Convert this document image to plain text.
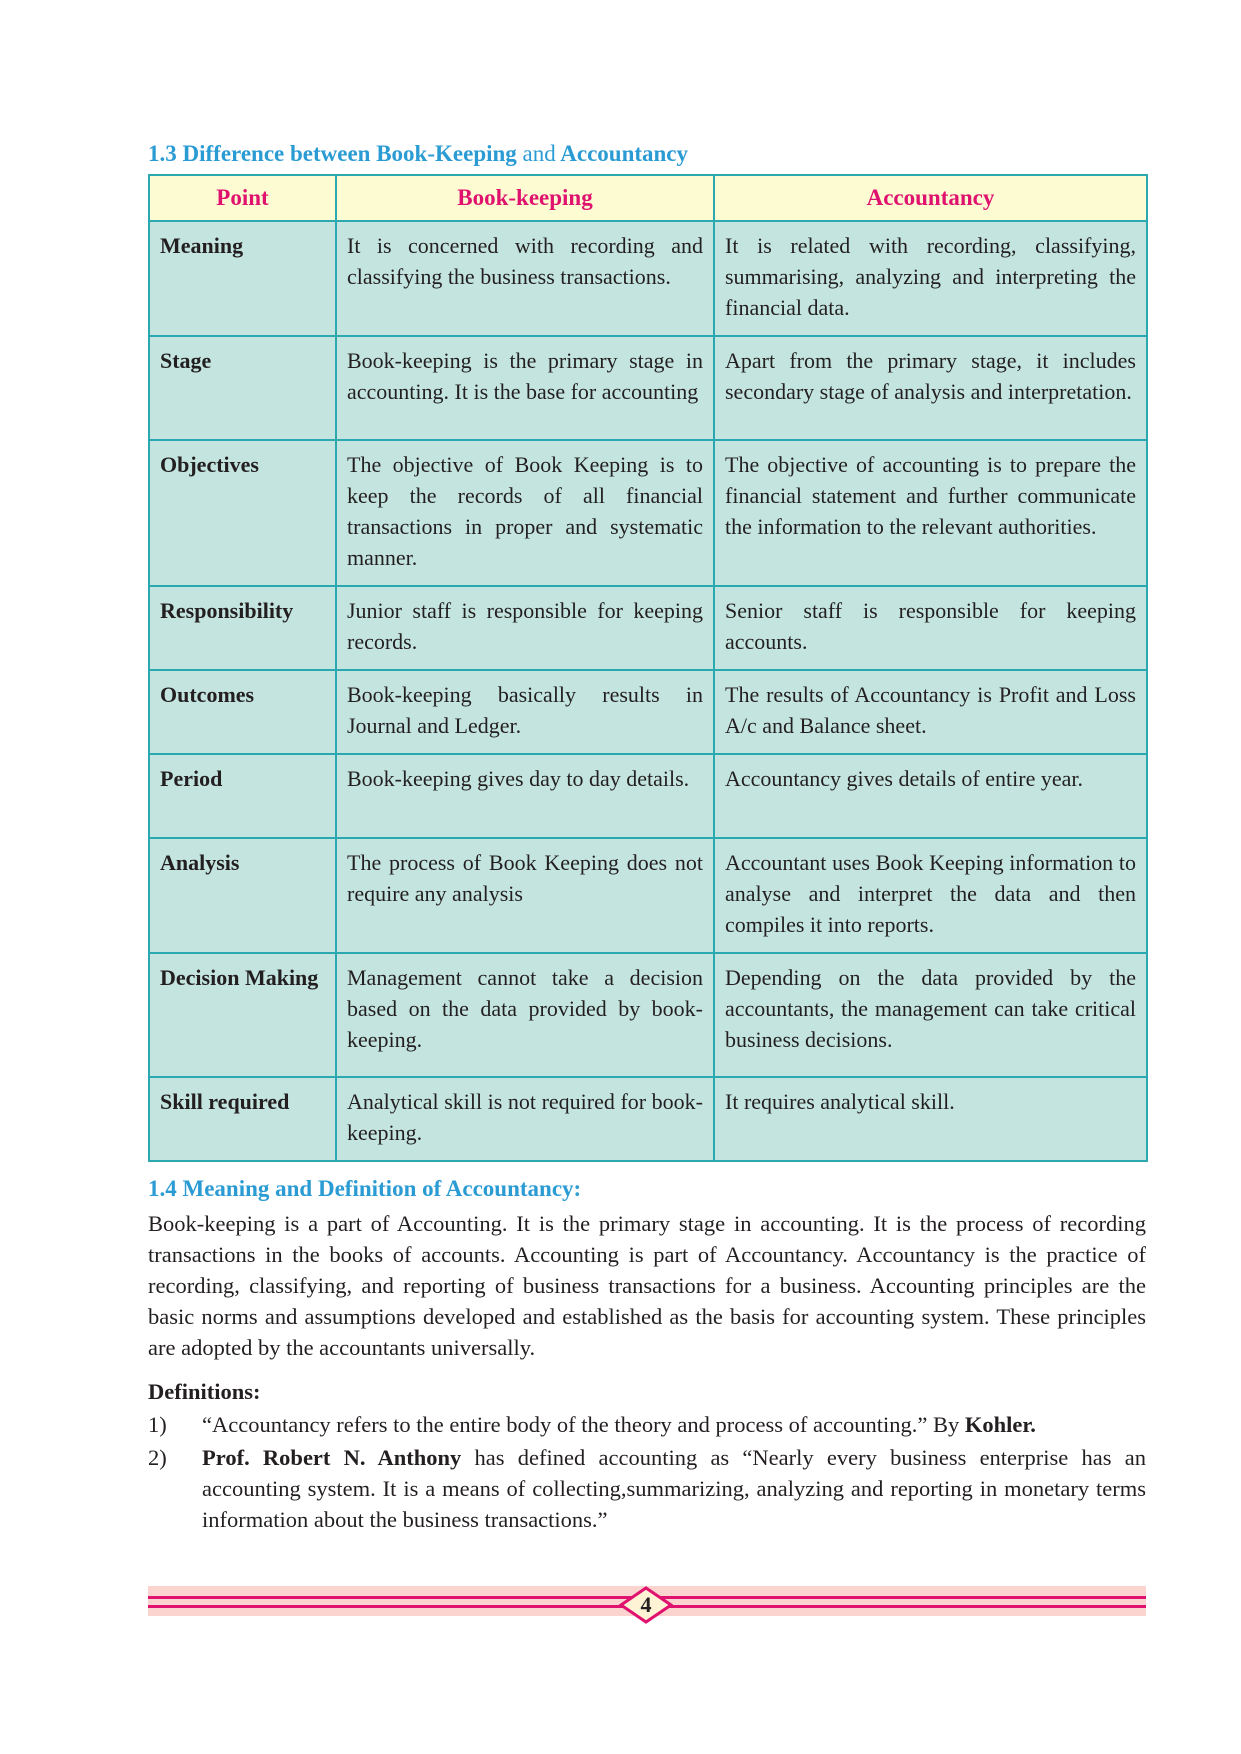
1.3 Difference between Book-Keeping and Accountancy
Point	Book-keeping	Accountancy
Meaning	It is concerned with recording and classifying the business transactions.	It is related with recording, classifying, summarising, analyzing and interpreting the financial data.
Stage	Book-keeping is the primary stage in accounting. It is the base for accounting	Apart from the primary stage, it includes secondary stage of analysis and interpretation.
Objectives	The objective of Book Keeping is to keep the records of all financial transactions in proper and systematic manner.	The objective of accounting is to prepare the financial statement and further communicate the information to the relevant authorities.
Responsibility	Junior staff is responsible for keeping records.	Senior staff is responsible for keeping accounts.
Outcomes	Book-keeping basically results in Journal and Ledger.	The results of Accountancy is Profit and Loss A/c and Balance sheet.
Period	Book-keeping gives day to day details.	Accountancy gives details of entire year.
Analysis	The process of Book Keeping does not require any analysis	Accountant uses Book Keeping information to analyse and interpret the data and then compiles it into reports.
Decision Making	Management cannot take a decision based on the data provided by book-keeping.	Depending on the data provided by the accountants, the management can take critical business decisions.
Skill required	Analytical skill is not required for book-keeping.	It requires analytical skill.
1.4 Meaning and Definition of Accountancy:

Book-keeping is a part of Accounting. It is the primary stage in accounting. It is the process of recording transactions in the books of accounts. Accounting is part of Accountancy. Accountancy is the practice of recording, classifying, and reporting of business transactions for a business. Accounting principles are the basic norms and assumptions developed and established as the basis for accounting system. These principles are adopted by the accountants universally.

Definitions:
1)	“Accountancy refers to the entire body of the theory and process of accounting.” By Kohler.
2)	Prof. Robert N. Anthony has defined accounting as “Nearly every business enterprise has an accounting system. It is a means of collecting,summarizing, analyzing and reporting in monetary terms information about the business transactions.”
4
